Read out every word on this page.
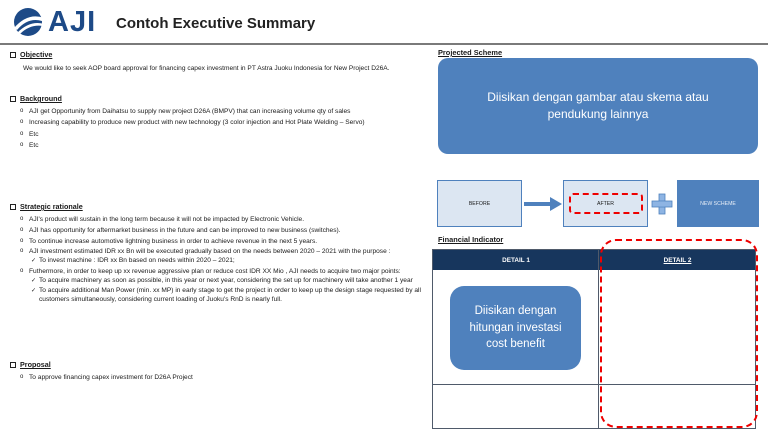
AJI Contoh Executive Summary
Objective
We would like to seek AOP board approval for financing capex investment in PT Astra Juoku Indonesia for New Project D26A.
Background
o AJI get Opportunity from Daihatsu to supply new project D26A (BMPV) that can increasing volume qty of sales
o Increasing capability to produce new product with new technology (3 color injection and Hot Plate Welding – Servo)
o Etc
o Etc
Strategic rationale
o AJI's product will sustain in the long term because it will not be impacted by Electronic Vehicle.
o AJI has opportunity for aftermarket business in the future and can be improved to new business (switches).
o To continue increase automotive lightning business in order to achieve revenue in the next 5 years.
o AJI investment estimated IDR xx Bn will be executed gradually based on the needs between 2020 – 2021 with the purpose :
✓ To invest machine : IDR xx Bn based on needs within 2020 – 2021;
o Futhermore, in order to keep up xx revenue aggressive plan or reduce cost IDR XX Mio , AJI needs to acquire two major points:
✓ To acquire machinery as soon as possible, in this year or next year, considering the set up for machinery will take another 1 year
✓ To acquire additional Man Power (min. xx MP) in early stage to get the project in order to keep up the design stage requested by all customers simultaneously, considering current loading of Juoku's RnD is nearly full.
Proposal
o To approve financing capex investment for D26A Project
Projected Scheme
Diisikan dengan gambar atau skema atau pendukung lainnya
BEFORE	AFTER	NEW SCHEME
Financial Indicator
DETAIL 1	DETAIL 2
Diisikan dengan hitungan investasi cost benefit
